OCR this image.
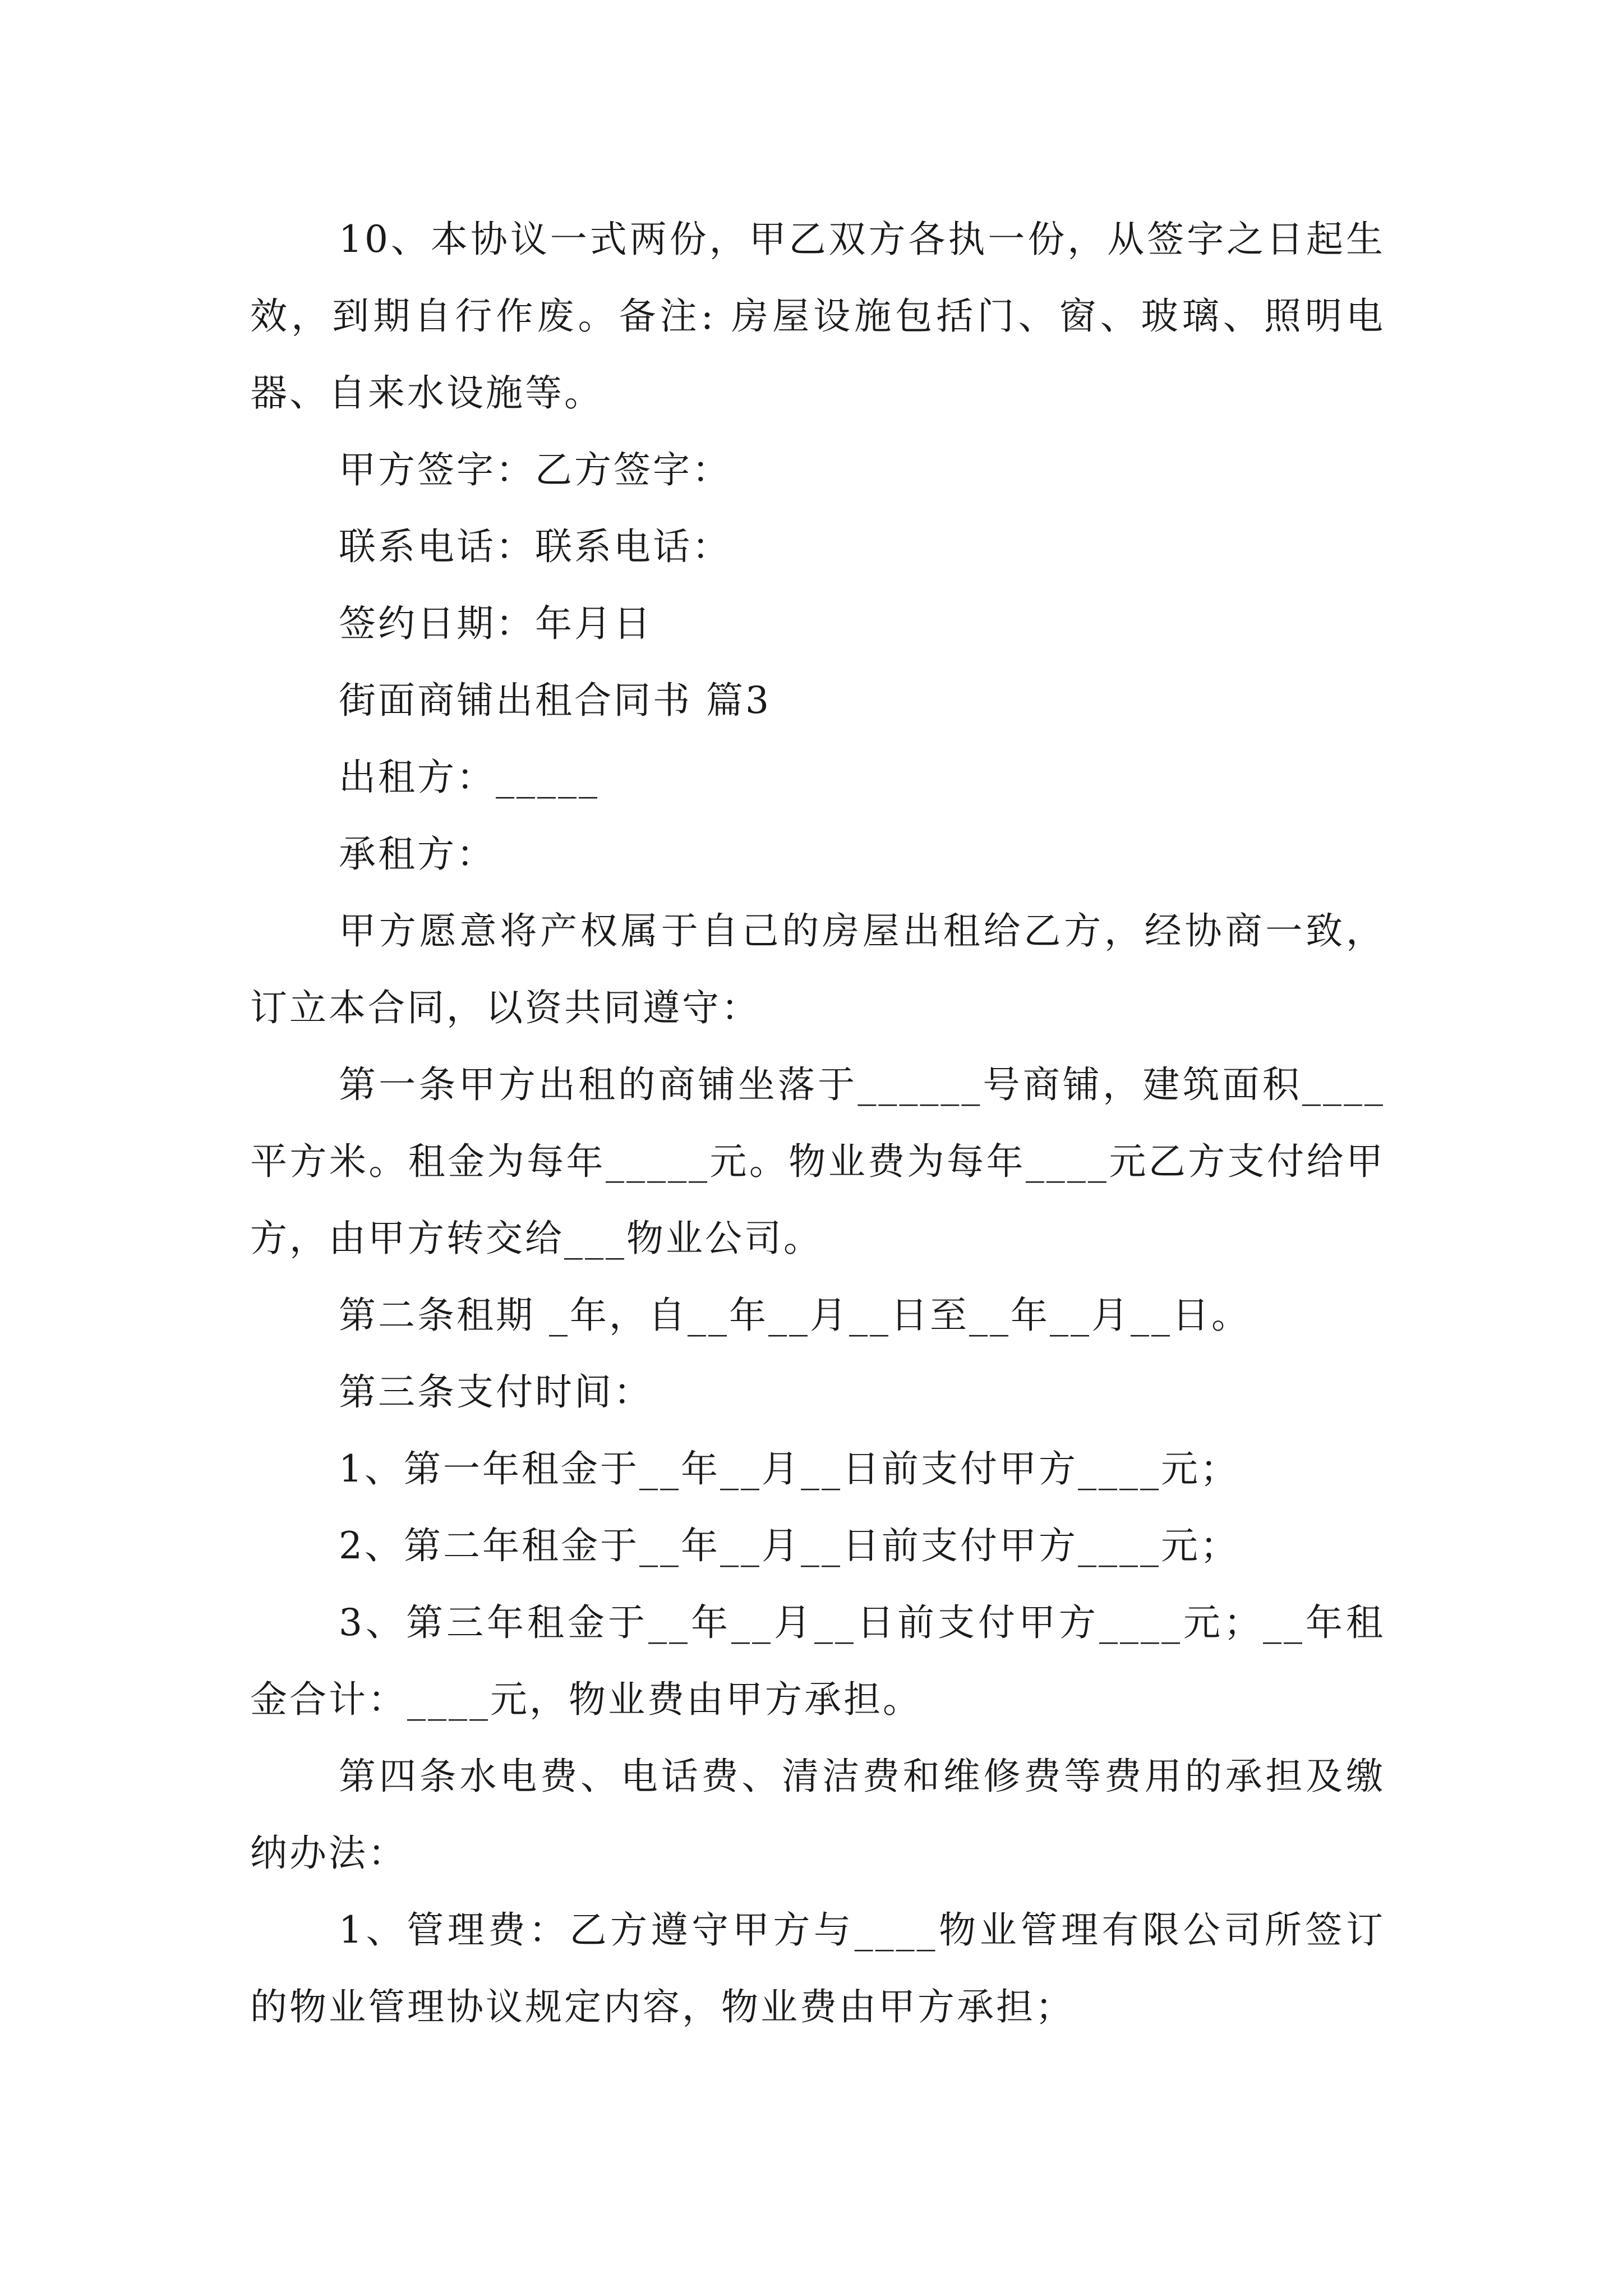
10、本协议一式两份，甲乙双方各执一份，从签字之日起生效，到期自行作废。备注: 房屋设施包括门、窗、玻璃、照明电器、自来水设施等。

甲方签字：乙方签字：

联系电话：联系电话：

签约日期：年月日

街面商铺出租合同书 篇3

出租方：_____

承租方：

甲方愿意将产权属于自己的房屋出租给乙方，经协商一致，订立本合同，以资共同遵守：

第一条甲方出租的商铺坐落于______号商铺，建筑面积____平方米。租金为每年_____元。物业费为每年____元乙方支付给甲方，由甲方转交给___物业公司。

第二条租期 _年，自__年__月__日至__年__月__日。

第三条支付时间：

1、第一年租金于__年__月__日前支付甲方____元；

2、第二年租金于__年__月__日前支付甲方____元；

3、第三年租金于__年__月__日前支付甲方____元；__年租金合计：____元，物业费由甲方承担。

第四条水电费、电话费、清洁费和维修费等费用的承担及缴纳办法：

1、管理费：乙方遵守甲方与____物业管理有限公司所签订的物业管理协议规定内容，物业费由甲方承担；
